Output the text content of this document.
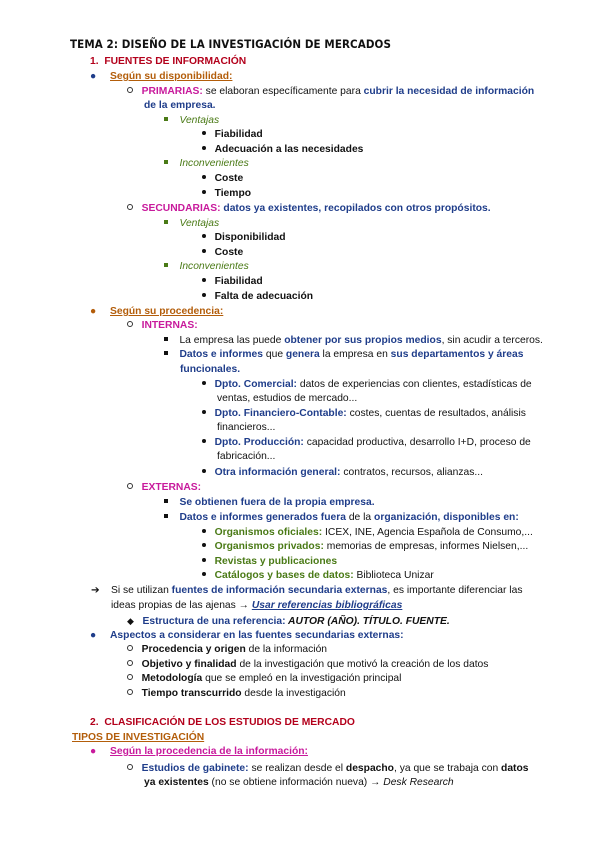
TEMA 2: DISEÑO DE LA INVESTIGACIÓN DE MERCADOS
1. FUENTES DE INFORMACIÓN
● Según su disponibilidad:
PRIMARIAS: se elaboran específicamente para cubrir la necesidad de información
de la empresa.
Ventajas
Fiabilidad
Adecuación a las necesidades
Inconvenientes
Coste
Tiempo
SECUNDARIAS: datos ya existentes, recopilados con otros propósitos.
Ventajas
Disponibilidad
Coste
Inconvenientes
Fiabilidad
Falta de adecuación
● Según su procedencia:
INTERNAS:
La empresa las puede obtener por sus propios medios, sin acudir a terceros.
Datos e informes que genera la empresa en sus departamentos y áreas
funcionales.
Dpto. Comercial: datos de experiencias con clientes, estadísticas de
ventas, estudios de mercado...
Dpto. Financiero-Contable: costes, cuentas de resultados, análisis
financieros...
Dpto. Producción: capacidad productiva, desarrollo I+D, proceso de
fabricación...
Otra información general: contratos, recursos, alianzas...
EXTERNAS:
Se obtienen fuera de la propia empresa.
Datos e informes generados fuera de la organización, disponibles en:
Organismos oficiales: ICEX, INE, Agencia Española de Consumo,...
Organismos privados: memorias de empresas, informes Nielsen,...
Revistas y publicaciones
Catálogos y bases de datos: Biblioteca Unizar
➔ Si se utilizan fuentes de información secundaria externas, es importante diferenciar las
ideas propias de las ajenas → Usar referencias bibliográficas
◆ Estructura de una referencia: AUTOR (AÑO). TÍTULO. FUENTE.
● Aspectos a considerar en las fuentes secundarias externas:
Procedencia y origen de la información
Objetivo y finalidad de la investigación que motivó la creación de los datos
Metodología que se empleó en la investigación principal
Tiempo transcurrido desde la investigación
2. CLASIFICACIÓN DE LOS ESTUDIOS DE MERCADO
TIPOS DE INVESTIGACIÓN
● Según la procedencia de la información:
Estudios de gabinete: se realizan desde el despacho, ya que se trabaja con datos
ya existentes (no se obtiene información nueva) → Desk Research
